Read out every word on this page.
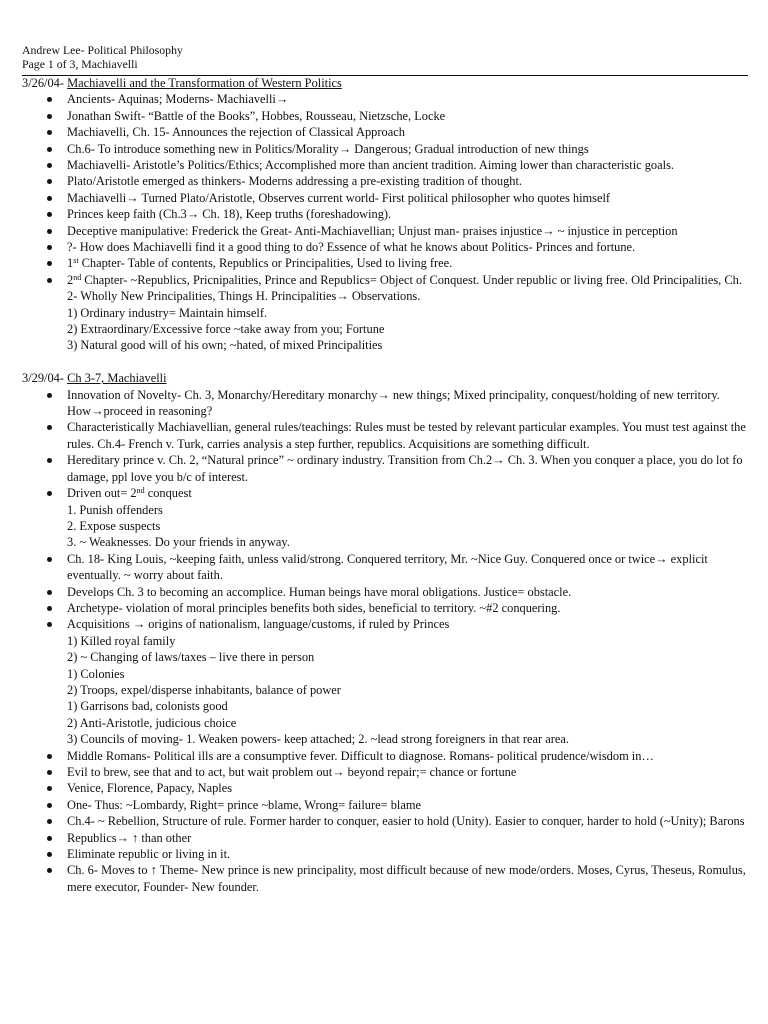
Andrew Lee- Political Philosophy
Page 1 of 3, Machiavelli
3/26/04- Machiavelli and the Transformation of Western Politics
Ancients- Aquinas; Moderns- Machiavelli→
Jonathan Swift- “Battle of the Books”, Hobbes, Rousseau, Nietzsche, Locke
Machiavelli, Ch. 15- Announces the rejection of Classical Approach
Ch.6- To introduce something new in Politics/Morality→ Dangerous; Gradual introduction of new things
Machiavelli- Aristotle’s Politics/Ethics; Accomplished more than ancient tradition. Aiming lower than characteristic goals.
Plato/Aristotle emerged as thinkers- Moderns addressing a pre-existing tradition of thought.
Machiavelli→ Turned Plato/Aristotle, Observes current world- First political philosopher who quotes himself
Princes keep faith (Ch.3→ Ch. 18), Keep truths (foreshadowing).
Deceptive manipulative: Frederick the Great- Anti-Machiavellian; Unjust man- praises injustice→ ~ injustice in perception
?- How does Machiavelli find it a good thing to do? Essence of what he knows about Politics- Princes and fortune.
1st Chapter- Table of contents, Republics or Principalities, Used to living free.
2nd Chapter- ~Republics, Pricnipalities, Prince and Republics= Object of Conquest. Under republic or living free. Old Principalities, Ch. 2- Wholly New Principalities, Things H. Principalities→ Observations.
1) Ordinary industry= Maintain himself.
2) Extraordinary/Excessive force ~take away from you; Fortune
3) Natural good will of his own; ~hated, of mixed Principalities
3/29/04- Ch 3-7, Machiavelli
Innovation of Novelty- Ch. 3, Monarchy/Hereditary monarchy→ new things; Mixed principality, conquest/holding of new territory. How→proceed in reasoning?
Characteristically Machiavellian, general rules/teachings: Rules must be tested by relevant particular examples. You must test against the rules. Ch.4- French v. Turk, carries analysis a step further, republics. Acquisitions are something difficult.
Hereditary prince v. Ch. 2, “Natural prince” ~ ordinary industry. Transition from Ch.2→ Ch. 3. When you conquer a place, you do lot fo damage, ppl love you b/c of interest.
Driven out= 2nd conquest
1. Punish offenders
2. Expose suspects
3. ~ Weaknesses. Do your friends in anyway.
Ch. 18- King Louis, ~keeping faith, unless valid/strong. Conquered territory, Mr. ~Nice Guy. Conquered once or twice→ explicit eventually. ~ worry about faith.
Develops Ch. 3 to becoming an accomplice. Human beings have moral obligations. Justice= obstacle.
Archetype- violation of moral principles benefits both sides, beneficial to territory. ~#2 conquering.
Acquisitions → origins of nationalism, language/customs, if ruled by Princes
1) Killed royal family
2) ~ Changing of laws/taxes – live there in person
1) Colonies
2) Troops, expel/disperse inhabitants, balance of power
1) Garrisons bad, colonists good
2) Anti-Aristotle, judicious choice
3) Councils of moving- 1. Weaken powers- keep attached; 2. ~lead strong foreigners in that rear area.
Middle Romans- Political ills are a consumptive fever. Difficult to diagnose. Romans- political prudence/wisdom in…
Evil to brew, see that and to act, but wait problem out→ beyond repair;= chance or fortune
Venice, Florence, Papacy, Naples
One- Thus: ~Lombardy, Right= prince ~blame, Wrong= failure= blame
Ch.4- ~ Rebellion, Structure of rule. Former harder to conquer, easier to hold (Unity). Easier to conquer, harder to hold (~Unity); Barons
Republics→ ↑ than other
Eliminate republic or living in it.
Ch. 6- Moves to ↑ Theme- New prince is new principality, most difficult because of new mode/orders. Moses, Cyrus, Theseus, Romulus, mere executor, Founder- New founder.
